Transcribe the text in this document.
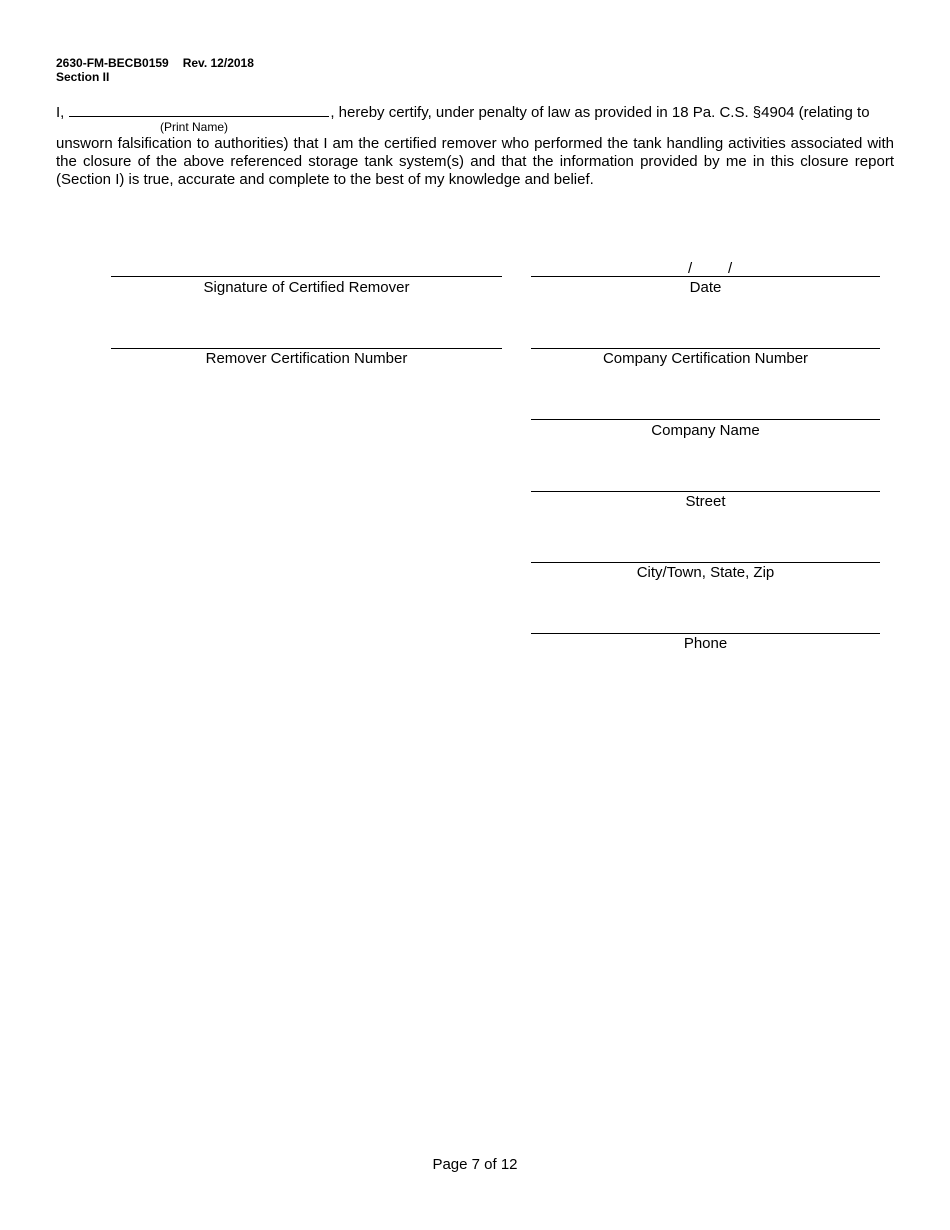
2630-FM-BECB0159 Rev. 12/2018
Section II
I,	, hereby certify, under penalty of law as provided in 18 Pa. C.S. §4904 (relating to
(Print Name)
unsworn falsification to authorities) that I am the certified remover who performed the tank handling activities associated with the closure of the above referenced storage tank system(s) and that the information provided by me in this closure report (Section I) is true, accurate and complete to the best of my knowledge and belief.
Signature of Certified Remover
/ /
Date
Remover Certification Number	Company Certification Number
Company Name
Street
City/Town, State, Zip
Phone
Page 7 of 12
